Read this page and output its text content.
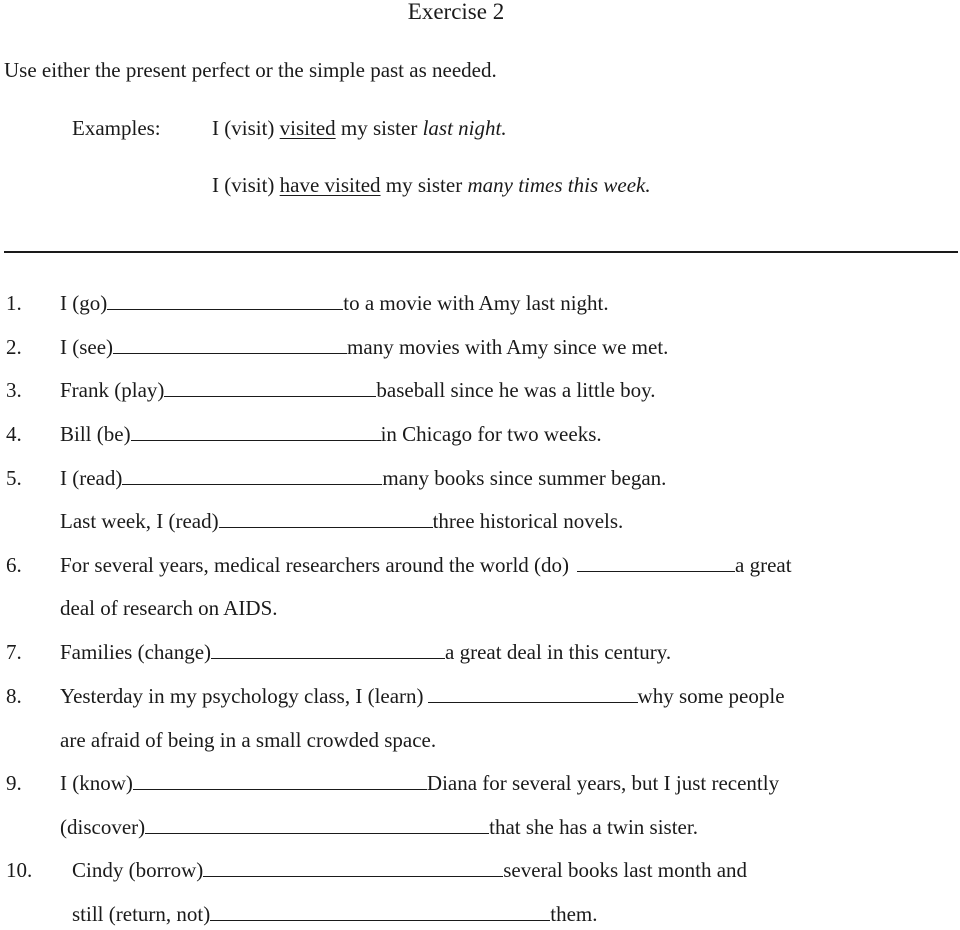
Exercise 2
Use either the present perfect or the simple past as needed.
Examples: I (visit) visited my sister last night.
I (visit) have visited my sister many times this week.
1. I (go)	to a movie with Amy last night.
2. I (see)	many movies with Amy since we met.
3. Frank (play)	baseball since he was a little boy.
4. Bill (be)	in Chicago for two weeks.
5. I (read)	many books since summer began.
Last week, I (read)	three historical novels.
6. For several years, medical researchers around the world (do)	a great
deal of research on AIDS.
7. Families (change)	a great deal in this century.
8. Yesterday in my psychology class, I (learn)	why some people
are afraid of being in a small crowded space.
9. I (know)	Diana for several years, but I just recently
(discover)	that she has a twin sister.
10. Cindy (borrow)	several books last month and
still (return, not)	them.
